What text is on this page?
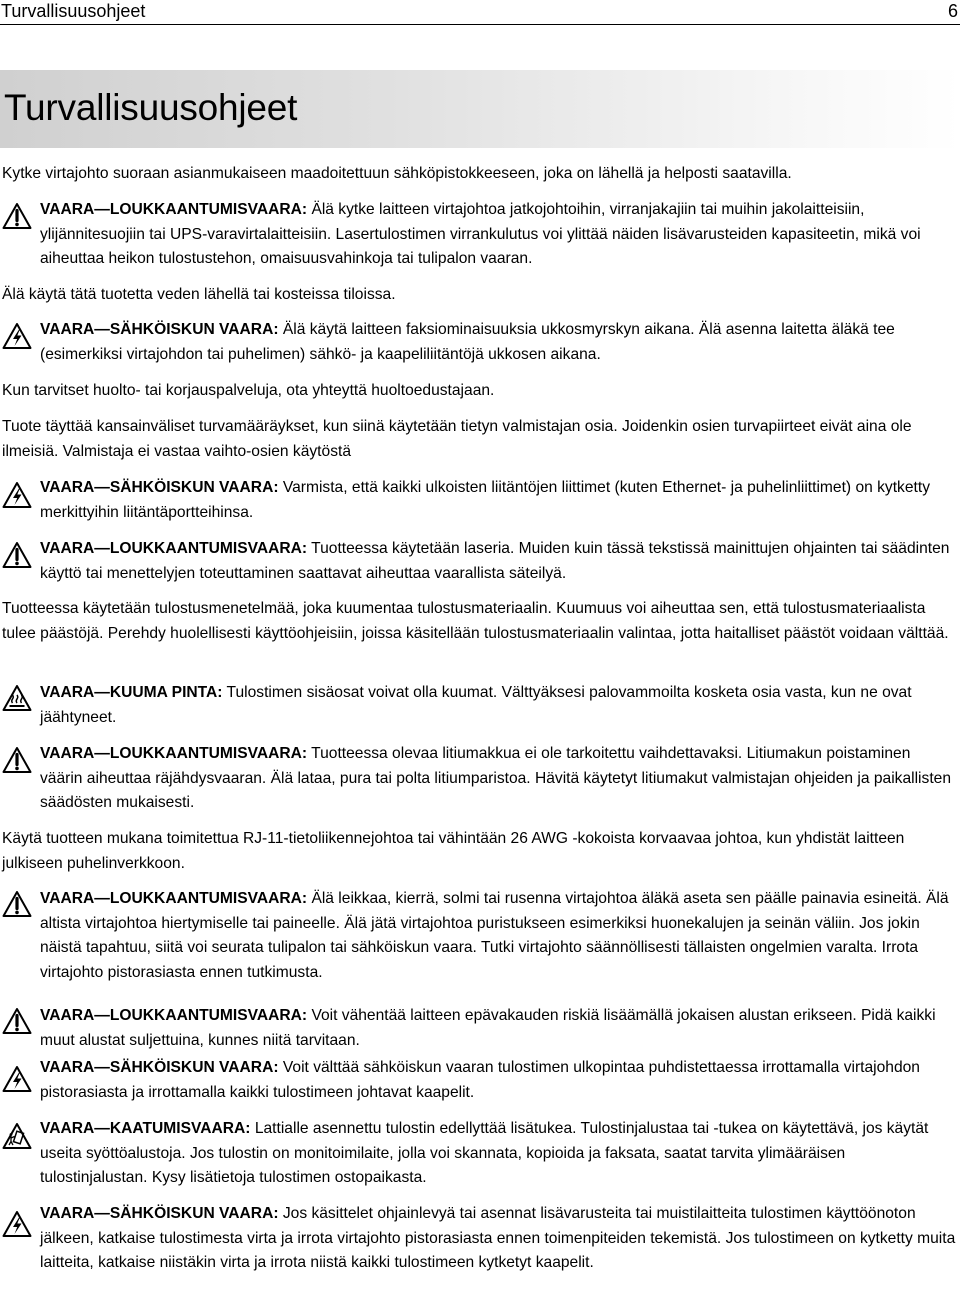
Turvallisuusohjeet	6
Turvallisuusohjeet
Kytke virtajohto suoraan asianmukaiseen maadoitettuun sähköpistokkeeseen, joka on lähellä ja helposti saatavilla.
VAARA—LOUKKAANTUMISVAARA: Älä kytke laitteen virtajohtoa jatkojohtoihin, virranjakajiin tai muihin jakolaitteisiin, ylijännitesuojiin tai UPS-varavirtalaitteisiin. Lasertulostimen virrankulutus voi ylittää näiden lisävarusteiden kapasiteetin, mikä voi aiheuttaa heikon tulostustehon, omaisuusvahinkoja tai tulipalon vaaran.
Älä käytä tätä tuotetta veden lähellä tai kosteissa tiloissa.
VAARA—SÄHKÖISKUN VAARA: Älä käytä laitteen faksiominaisuuksia ukkosmyrskyn aikana. Älä asenna laitetta äläkä tee (esimerkiksi virtajohdon tai puhelimen) sähkö- ja kaapeliliitäntöjä ukkosen aikana.
Kun tarvitset huolto- tai korjauspalveluja, ota yhteyttä huoltoedustajaan.
Tuote täyttää kansainväliset turvamääräykset, kun siinä käytetään tietyn valmistajan osia. Joidenkin osien turvapiirteet eivät aina ole ilmeisiä. Valmistaja ei vastaa vaihto-osien käytöstä
VAARA—SÄHKÖISKUN VAARA: Varmista, että kaikki ulkoisten liitäntöjen liittimet (kuten Ethernet- ja puhelinliittimet) on kytketty merkittyihin liitäntäportteihinsa.
VAARA—LOUKKAANTUMISVAARA: Tuotteessa käytetään laseria. Muiden kuin tässä tekstissä mainittujen ohjainten tai säädinten käyttö tai menettelyjen toteuttaminen saattavat aiheuttaa vaarallista säteilyä.
Tuotteessa käytetään tulostusmenetelmää, joka kuumentaa tulostusmateriaalin. Kuumuus voi aiheuttaa sen, että tulostusmateriaalista tulee päästöjä. Perehdy huolellisesti käyttöohjeisiin, joissa käsitellään tulostusmateriaalin valintaa, jotta haitalliset päästöt voidaan välttää.
VAARA—KUUMA PINTA: Tulostimen sisäosat voivat olla kuumat. Välttyäksesi palovammoilta kosketa osia vasta, kun ne ovat jäähtyneet.
VAARA—LOUKKAANTUMISVAARA: Tuotteessa olevaa litiumakkua ei ole tarkoitettu vaihdettavaksi. Litiumakun poistaminen väärin aiheuttaa räjähdysvaaran. Älä lataa, pura tai polta litiumparistoa. Hävitä käytetyt litiumakut valmistajan ohjeiden ja paikallisten säädösten mukaisesti.
Käytä tuotteen mukana toimitettua RJ-11-tietoliikennejohtoa tai vähintään 26 AWG -kokoista korvaavaa johtoa, kun yhdistät laitteen julkiseen puhelinverkkoon.
VAARA—LOUKKAANTUMISVAARA: Älä leikkaa, kierrä, solmi tai rusenna virtajohtoa äläkä aseta sen päälle painavia esineitä. Älä altista virtajohtoa hiertymiselle tai paineelle. Älä jätä virtajohtoa puristukseen esimerkiksi huonekalujen ja seinän väliin. Jos jokin näistä tapahtuu, siitä voi seurata tulipalon tai sähköiskun vaara. Tutki virtajohto säännöllisesti tällaisten ongelmien varalta. Irrota virtajohto pistorasiasta ennen tutkimusta.
VAARA—LOUKKAANTUMISVAARA: Voit vähentää laitteen epävakauden riskiä lisäämällä jokaisen alustan erikseen. Pidä kaikki muut alustat suljettuina, kunnes niitä tarvitaan.
VAARA—SÄHKÖISKUN VAARA: Voit välttää sähköiskun vaaran tulostimen ulkopintaa puhdistettaessa irrottamalla virtajohdon pistorasiasta ja irrottamalla kaikki tulostimeen johtavat kaapelit.
VAARA—KAATUMISVAARA: Lattialle asennettu tulostin edellyttää lisätukea. Tulostinjalustaa tai -tukea on käytettävä, jos käytät useita syöttöalustoja. Jos tulostin on monitoimilaite, jolla voi skannata, kopioida ja faksata, saatat tarvita ylimääräisen tulostinjalustan. Kysy lisätietoja tulostimen ostopaikasta.
VAARA—SÄHKÖISKUN VAARA: Jos käsittelet ohjainlevyä tai asennat lisävarusteita tai muistilaitteita tulostimen käyttöönoton jälkeen, katkaise tulostimesta virta ja irrota virtajohto pistorasiasta ennen toimenpiteiden tekemistä. Jos tulostimeen on kytketty muita laitteita, katkaise niistäkin virta ja irrota niistä kaikki tulostimeen kytketyt kaapelit.
